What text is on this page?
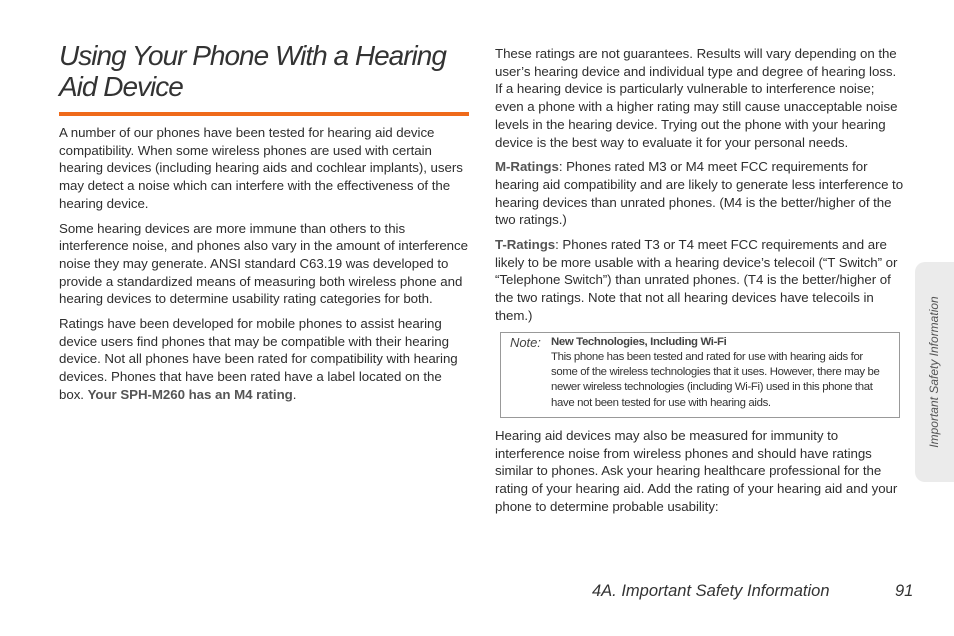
Using Your Phone With a Hearing Aid Device

A number of our phones have been tested for hearing aid device compatibility. When some wireless phones are used with certain hearing devices (including hearing aids and cochlear implants), users may detect a noise which can interfere with the effectiveness of the hearing device.

Some hearing devices are more immune than others to this interference noise, and phones also vary in the amount of interference noise they may generate. ANSI standard C63.19 was developed to provide a standardized means of measuring both wireless phone and hearing devices to determine usability rating categories for both.

Ratings have been developed for mobile phones to assist hearing device users find phones that may be compatible with their hearing device. Not all phones have been rated for compatibility with hearing devices. Phones that have been rated have a label located on the box. Your SPH-M260 has an M4 rating.

These ratings are not guarantees. Results will vary depending on the user’s hearing device and individual type and degree of hearing loss. If a hearing device is particularly vulnerable to interference noise; even a phone with a higher rating may still cause unacceptable noise levels in the hearing device. Trying out the phone with your hearing device is the best way to evaluate it for your personal needs.

M-Ratings: Phones rated M3 or M4 meet FCC requirements for hearing aid compatibility and are likely to generate less interference to hearing devices than unrated phones. (M4 is the better/higher of the two ratings.)

T-Ratings: Phones rated T3 or T4 meet FCC requirements and are likely to be more usable with a hearing device’s telecoil (“T Switch” or “Telephone Switch”) than unrated phones. (T4 is the better/higher of the two ratings. Note that not all hearing devices have telecoils in them.)

Note: New Technologies, Including Wi-Fi
This phone has been tested and rated for use with hearing aids for some of the wireless technologies that it uses. However, there may be newer wireless technologies (including Wi-Fi) used in this phone that have not been tested for use with hearing aids.

Hearing aid devices may also be measured for immunity to interference noise from wireless phones and should have ratings similar to phones. Ask your hearing healthcare professional for the rating of your hearing aid. Add the rating of your hearing aid and your phone to determine probable usability:

Important Safety Information
4A. Important Safety Information	91
